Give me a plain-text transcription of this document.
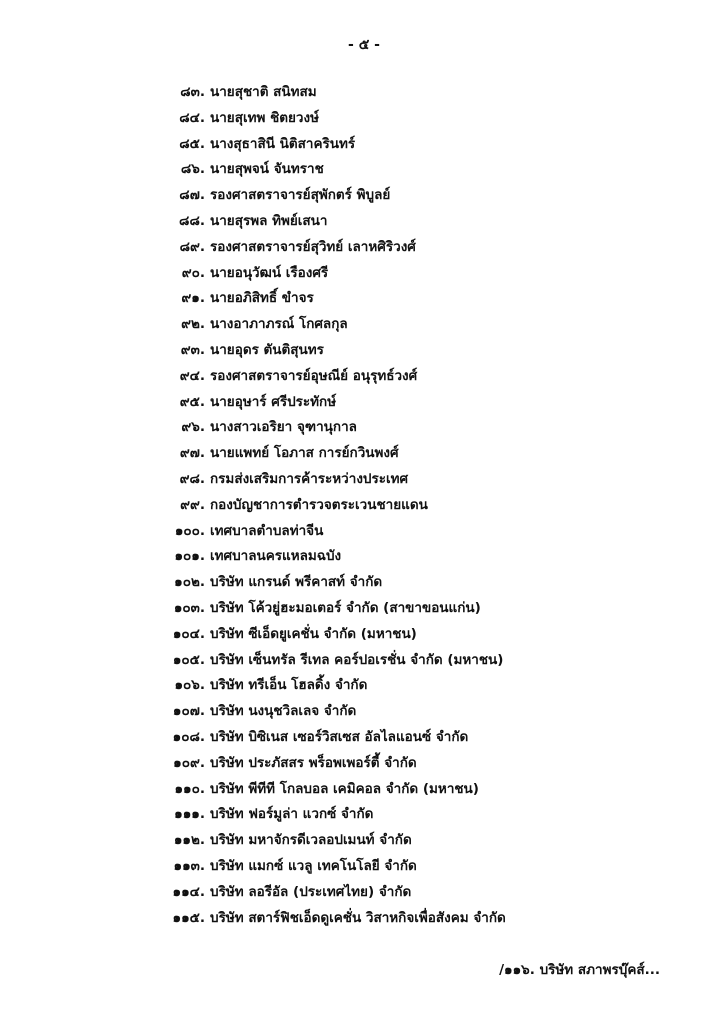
- ๕ -
๘๓. นายสุชาติ สนิทสม
๘๔. นายสุเทพ ชิตยวงษ์
๘๕. นางสุธาสินี นิติสาครินทร์
๘๖. นายสุพจน์ จันทราช
๘๗. รองศาสตราจารย์สุพักตร์ พิบูลย์
๘๘. นายสุรพล ทิพย์เสนา
๘๙. รองศาสตราจารย์สุวิทย์ เลาหศิริวงศ์
๙๐. นายอนุวัฒน์ เรืองศรี
๙๑. นายอภิสิทธิ์ ขำจร
๙๒. นางอาภาภรณ์ โกศลกุล
๙๓. นายอุดร ตันติสุนทร
๙๔. รองศาสตราจารย์อุษณีย์ อนุรุทธ์วงศ์
๙๕. นายอุษาร์ ศรีประทักษ์
๙๖. นางสาวเอริยา จุฑานุกาล
๙๗. นายแพทย์ โอภาส การย์กวินพงศ์
๙๘. กรมส่งเสริมการค้าระหว่างประเทศ
๙๙. กองบัญชาการตำรวจตระเวนชายแดน
๑๐๐. เทศบาลตำบลท่าจีน
๑๐๑. เทศบาลนครแหลมฉบัง
๑๐๒. บริษัท แกรนด์ พรีคาสท์ จำกัด
๑๐๓. บริษัท โค้วยู่ฮะมอเตอร์ จำกัด (สาขาขอนแก่น)
๑๐๔. บริษัท ซีเอ็ดยูเคชั่น จำกัด (มหาชน)
๑๐๕. บริษัท เซ็นทรัล รีเทล คอร์ปอเรชั่น จำกัด (มหาชน)
๑๐๖. บริษัท ทรีเอ็น โฮลดิ้ง จำกัด
๑๐๗. บริษัท นงนุชวิลเลจ จำกัด
๑๐๘. บริษัท บิซิเนส เซอร์วิสเซส อัลไลแอนซ์ จำกัด
๑๐๙. บริษัท ประภัสสร พร็อพเพอร์ตี้ จำกัด
๑๑๐. บริษัท พีทีที โกลบอล เคมิคอล จำกัด (มหาชน)
๑๑๑. บริษัท ฟอร์มูล่า แวกซ์ จำกัด
๑๑๒. บริษัท มหาจักรดีเวลอปเมนท์ จำกัด
๑๑๓. บริษัท แมกซ์ แวลู เทคโนโลยี จำกัด
๑๑๔. บริษัท ลอรีอัล (ประเทศไทย) จำกัด
๑๑๕. บริษัท สตาร์ฟิชเอ็ดดูเคชั่น วิสาหกิจเพื่อสังคม จำกัด
/๑๑๖. บริษัท สภาพรบุ๊คส์...
